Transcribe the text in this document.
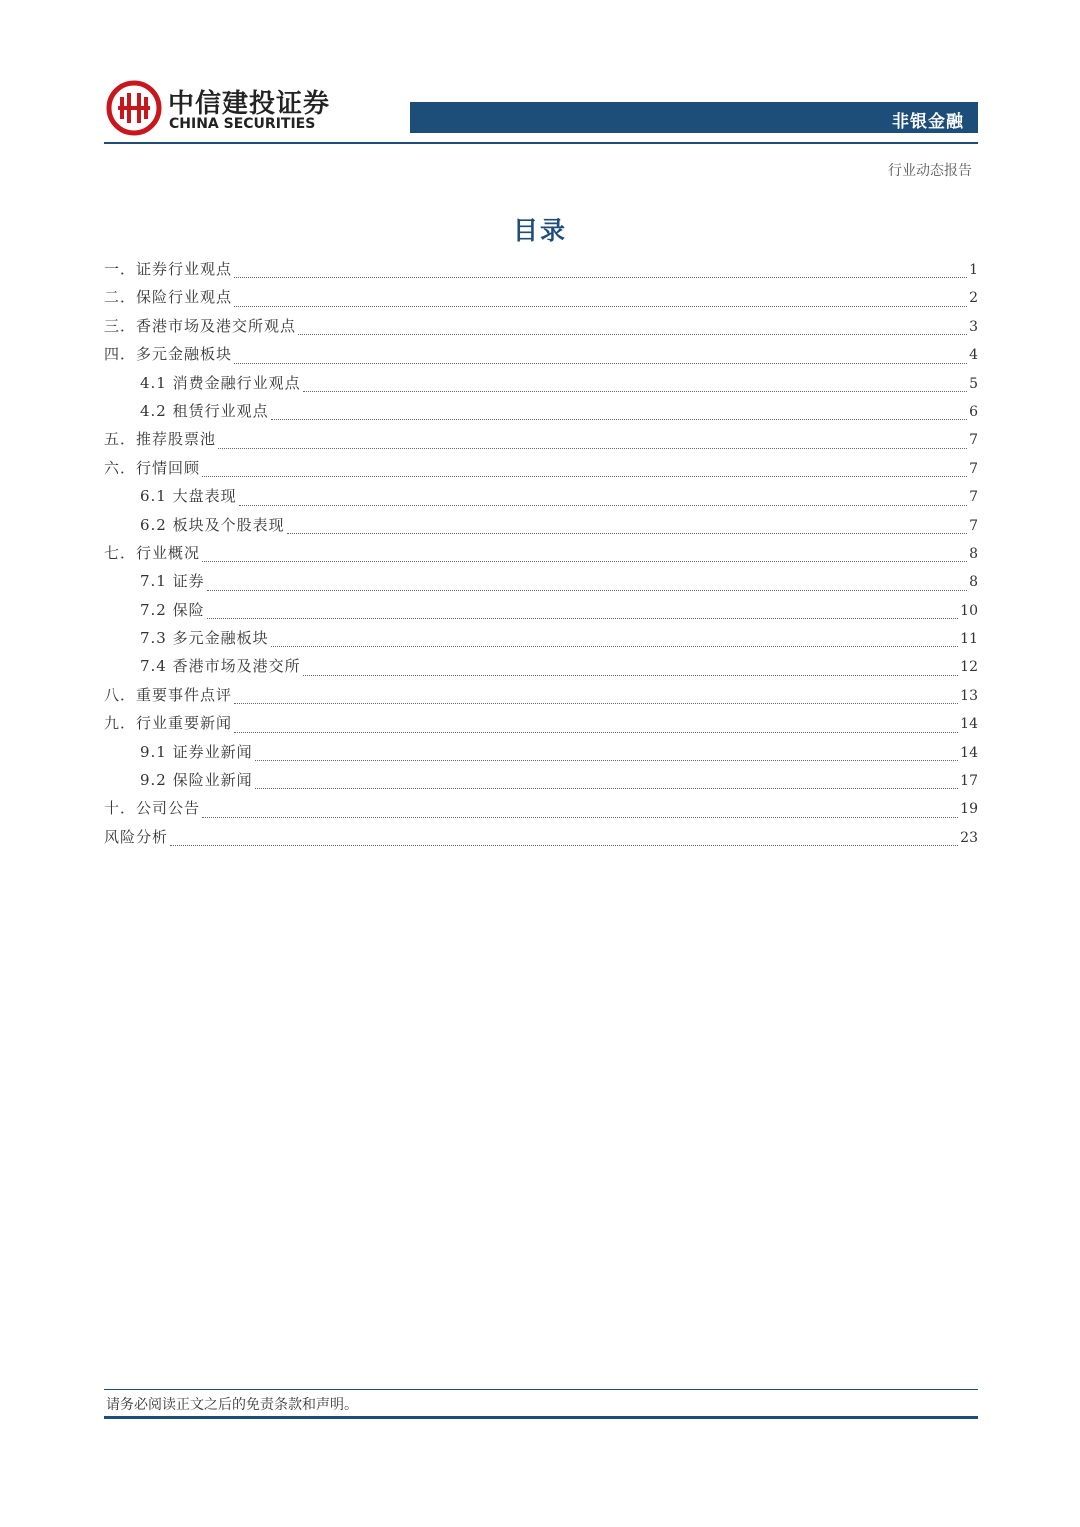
中信建投证券
CHINA SECURITIES	非银金融
行业动态报告
目录
一．证券行业观点	1
二．保险行业观点	2
三．香港市场及港交所观点	3
四．多元金融板块	4
4.1 消费金融行业观点	5
4.2 租赁行业观点	6
五．推荐股票池	7
六．行情回顾	7
6.1 大盘表现	7
6.2 板块及个股表现	7
七．行业概况	8
7.1 证券	8
7.2 保险	10
7.3 多元金融板块	11
7.4 香港市场及港交所	12
八．重要事件点评	13
九．行业重要新闻	14
9.1 证券业新闻	14
9.2 保险业新闻	17
十．公司公告	19
风险分析	23
请务必阅读正文之后的免责条款和声明。
